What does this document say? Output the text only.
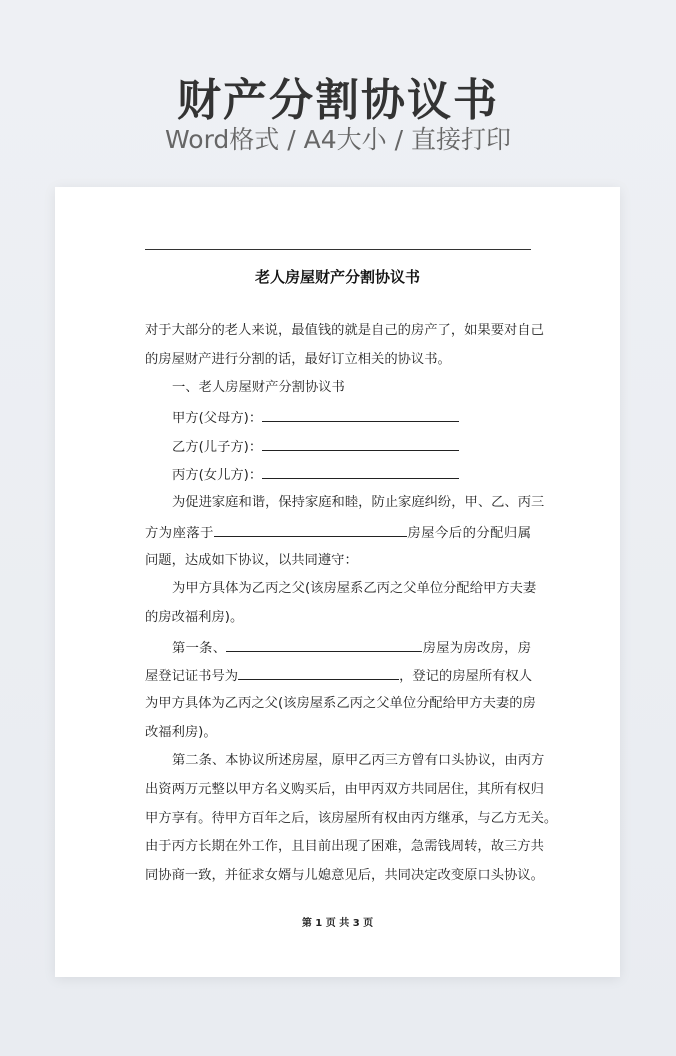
财产分割协议书
Word格式 / A4大小 / 直接打印
老人房屋财产分割协议书
对于大部分的老人来说，最值钱的就是自己的房产了，如果要对自己
的房屋财产进行分割的话，最好订立相关的协议书。
一、老人房屋财产分割协议书
甲方(父母方)：
乙方(儿子方)：
丙方(女儿方)：
为促进家庭和谐，保持家庭和睦，防止家庭纠纷，甲、乙、丙三
方为座落于	房屋今后的分配归属
问题，达成如下协议，以共同遵守：
为甲方具体为乙丙之父(该房屋系乙丙之父单位分配给甲方夫妻
的房改福利房)。
第一条、	房屋为房改房，房
屋登记证书号为	，登记的房屋所有权人
为甲方具体为乙丙之父(该房屋系乙丙之父单位分配给甲方夫妻的房
改福利房)。
第二条、本协议所述房屋，原甲乙丙三方曾有口头协议，由丙方
出资两万元整以甲方名义购买后，由甲丙双方共同居住，其所有权归
甲方享有。待甲方百年之后，该房屋所有权由丙方继承，与乙方无关。
由于丙方长期在外工作，且目前出现了困难，急需钱周转，故三方共
同协商一致，并征求女婿与儿媳意见后，共同决定改变原口头协议。
第 1 页 共 3 页
